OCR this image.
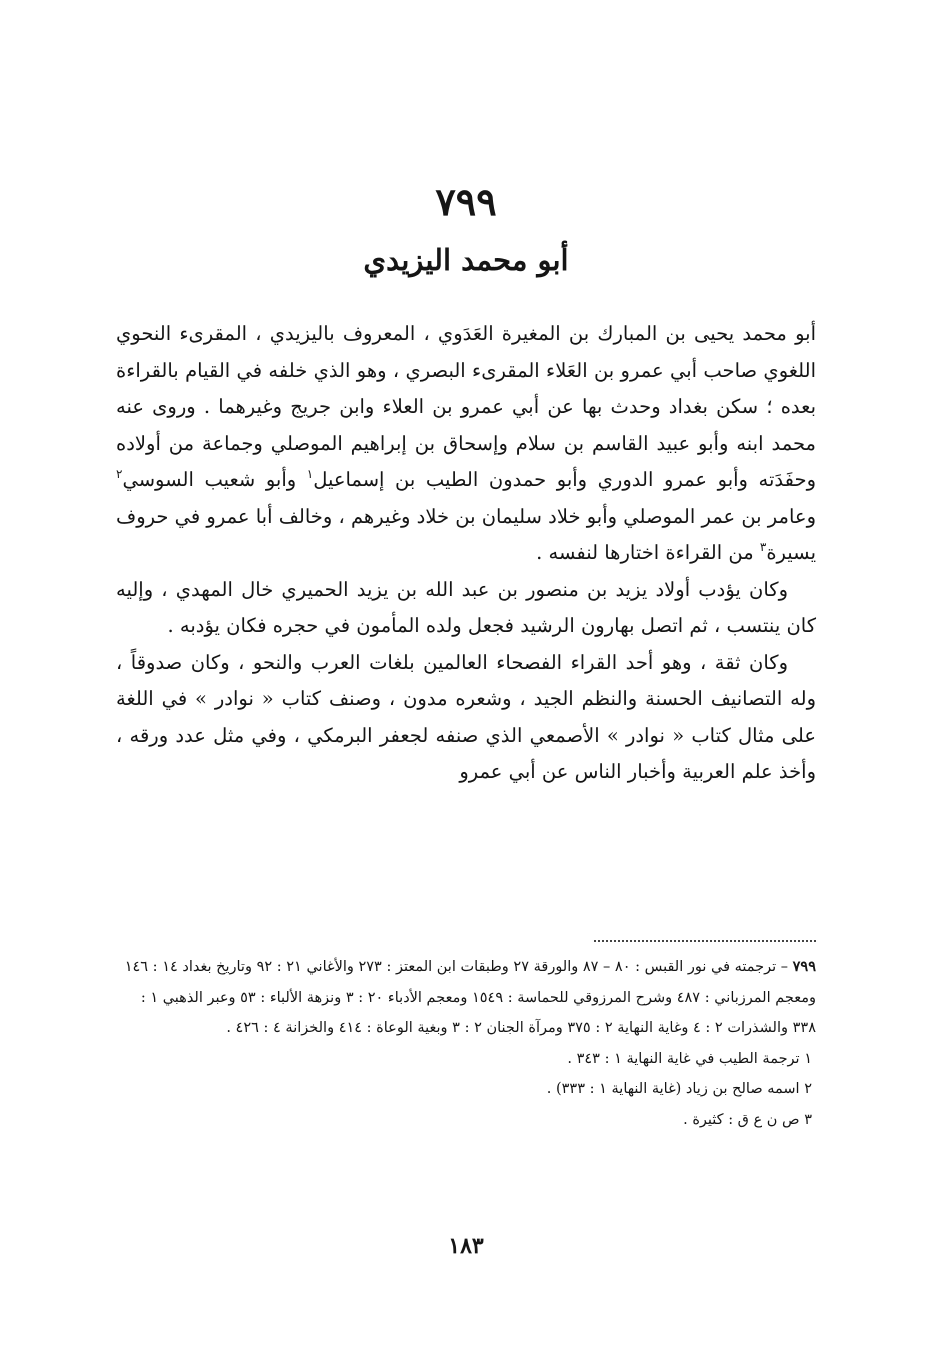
٧٩٩
أبو محمد اليزيدي

أبو محمد يحيى بن المبارك بن المغيرة العَدَوي ، المعروف باليزيدي ، المقرىء النحوي اللغوي صاحب أبي عمرو بن العَلاء المقرىء البصري ، وهو الذي خلفه في القيام بالقراءة بعده ؛ سكن بغداد وحدث بها عن أبي عمرو بن العلاء وابن جريج وغيرهما . وروى عنه محمد ابنه وأبو عبيد القاسم بن سلام وإسحاق بن إبراهيم الموصلي وجماعة من أولاده وحفَدَته وأبو عمرو الدوري وأبو حمدون الطيب بن إسماعيل$^١$ وأبو شعيب السوسي$^٢$ وعامر بن عمر الموصلي وأبو خلاد سليمان بن خلاد وغيرهم ، وخالف أبا عمرو في حروف يسيرة$^٣$ من القراءة اختارها لنفسه .

وكان يؤدب أولاد يزيد بن منصور بن عبد الله بن يزيد الحميري خال المهدي ، وإليه كان ينتسب ، ثم اتصل بهارون الرشيد فجعل ولده المأمون في حجره فكان يؤدبه .

وكان ثقة ، وهو أحد القراء الفصحاء العالمين بلغات العرب والنحو ، وكان صدوقاً ، وله التصانيف الحسنة والنظم الجيد ، وشعره مدون ، وصنف كتاب « نوادر » في اللغة على مثال كتاب « نوادر » الأصمعي الذي صنفه لجعفر البرمكي ، وفي مثل عدد ورقه ، وأخذ علم العربية وأخبار الناس عن أبي عمرو

٧٩٩ – ترجمته في نور القبس : ٨٠ – ٨٧ والورقة ٢٧ وطبقات ابن المعتز : ٢٧٣ والأغاني ٢١ : ٩٢ وتاريخ بغداد ١٤ : ١٤٦ ومعجم المرزباني : ٤٨٧ وشرح المرزوقي للحماسة : ١٥٤٩ ومعجم الأدباء ٢٠ : ٣ ونزهة الألباء : ٥٣ وعبر الذهبي ١ : ٣٣٨ والشذرات ٢ : ٤ وغاية النهاية ٢ : ٣٧٥ ومرآة الجنان ٢ : ٣ وبغية الوعاة : ٤١٤ والخزانة ٤ : ٤٢٦ .

١ ترجمة الطيب في غاية النهاية ١ : ٣٤٣ .

٢ اسمه صالح بن زياد (غاية النهاية ١ : ٣٣٣) .

٣ ص ن ع ق : كثيرة .

١٨٣
